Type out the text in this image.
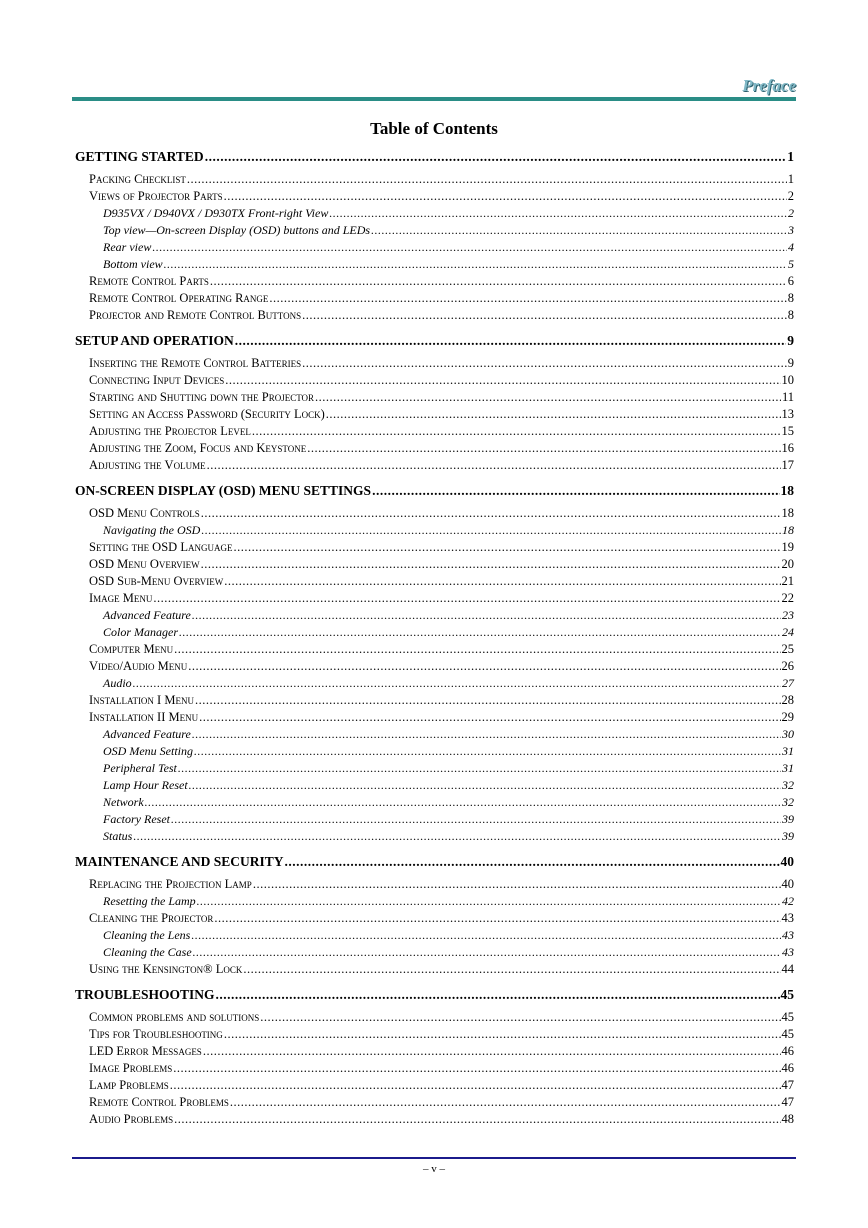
Preface
Table of Contents
GETTING STARTED .....	1
Packing Checklist .....	1
Views of Projector Parts .....	2
D935VX / D940VX / D930TX Front-right View .....	2
Top view—On-screen Display (OSD) buttons and LEDs .....	3
Rear view .....	4
Bottom view .....	5
Remote Control Parts .....	6
Remote Control Operating Range .....	8
Projector and Remote Control Buttons .....	8
SETUP AND OPERATION .....	9
Inserting the Remote Control Batteries .....	9
Connecting Input Devices .....	10
Starting and Shutting down the Projector .....	11
Setting an Access Password (Security Lock) .....	13
Adjusting the Projector Level .....	15
Adjusting the Zoom, Focus and Keystone .....	16
Adjusting the Volume .....	17
ON-SCREEN DISPLAY (OSD) MENU SETTINGS .....	18
OSD Menu Controls .....	18
Navigating the OSD .....	18
Setting the OSD Language .....	19
OSD Menu Overview .....	20
OSD Sub-Menu Overview .....	21
Image Menu .....	22
Advanced Feature .....	23
Color Manager .....	24
Computer Menu .....	25
Video/Audio Menu .....	26
Audio .....	27
Installation I Menu .....	28
Installation II Menu .....	29
Advanced Feature .....	30
OSD Menu Setting .....	31
Peripheral Test .....	31
Lamp Hour Reset .....	32
Network .....	32
Factory Reset .....	39
Status .....	39
MAINTENANCE AND SECURITY .....	40
Replacing the Projection Lamp .....	40
Resetting the Lamp .....	42
Cleaning the Projector .....	43
Cleaning the Lens .....	43
Cleaning the Case .....	43
Using the Kensington® Lock .....	44
TROUBLESHOOTING .....	45
Common problems and solutions .....	45
Tips for Troubleshooting .....	45
LED Error Messages .....	46
Image Problems .....	46
Lamp Problems .....	47
Remote Control Problems .....	47
Audio Problems .....	48
– v –
